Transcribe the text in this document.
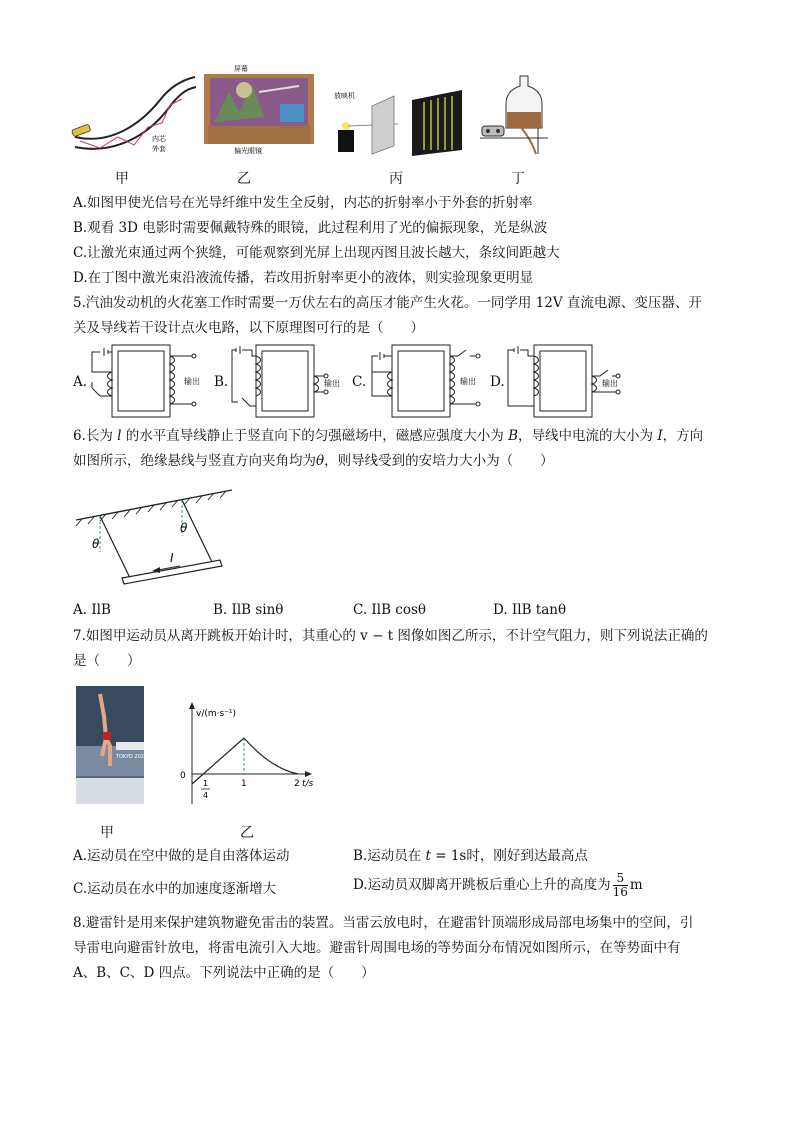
内芯
外套
屏幕
偏光眼镜
放映机
甲	乙	丙	丁
A.如图甲使光信号在光导纤维中发生全反射，内芯的折射率小于外套的折射率
B.观看 3D 电影时需要佩戴特殊的眼镜，此过程利用了光的偏振现象，光是纵波
C.让激光束通过两个狭缝，可能观察到光屏上出现丙图且波长越大，条纹间距越大
D.在丁图中激光束沿液流传播，若改用折射率更小的液体，则实验现象更明显
5.汽油发动机的火花塞工作时需要一万伏左右的高压才能产生火花。一同学用 12V 直流电源、变压器、开
关及导线若干设计点火电路，以下原理图可行的是（　　）
A.	输出 B.	输出 C.	输出 D.	输出
6.长为 l 的水平直导线静止于竖直向下的匀强磁场中，磁感应强度大小为 B，导线中电流的大小为 I，方向
如图所示，绝缘悬线与竖直方向夹角均为θ，则导线受到的安培力大小为（　　）
θ
θ
I
A. IlB	B. IlB sinθ	C. IlB cosθ	D. IlB tanθ
7.如图甲运动员从离开跳板开始计时，其重心的 v − t 图像如图乙所示，不计空气阻力，则下列说法正确的
是（　　）
TOKYO 2020
v/(m·s⁻¹)
t/s
0
1	2
1
4
甲	乙
A.运动员在空中做的是自由落体运动	B.运动员在 t = 1s时，刚好到达最高点
C.运动员在水中的加速度逐渐增大	D.运动员双脚离开跳板后重心上升的高度为 $\frac{5}{16}$ m
8.避雷针是用来保护建筑物避免雷击的装置。当雷云放电时，在避雷针顶端形成局部电场集中的空间，引
导雷电向避雷针放电，将雷电流引入大地。避雷针周围电场的等势面分布情况如图所示，在等势面中有
A、B、C、D 四点。下列说法中正确的是（　　）
